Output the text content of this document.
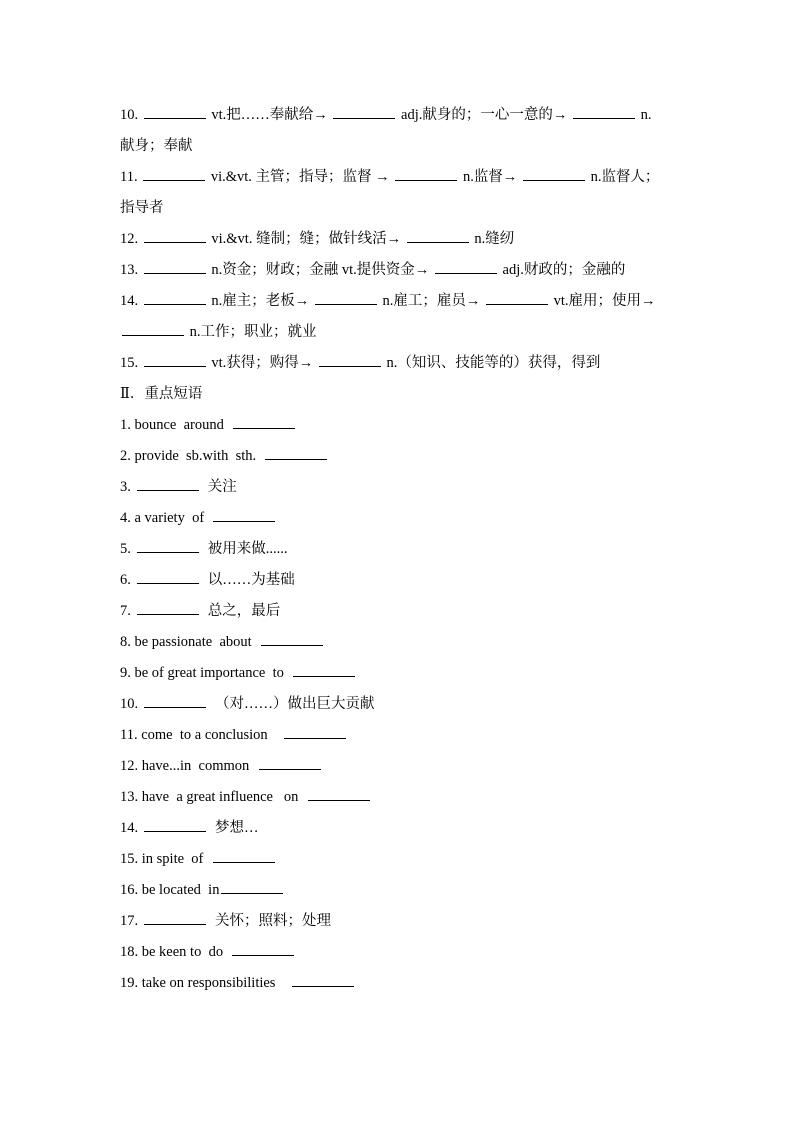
10.	vt.把……奉献给→	adj.献身的；一心一意的→	n.
献身；奉献
11.	vi.&vt. 主管；指导；监督 →	n.监督→	n.监督人；
指导者
12.	vi.&vt. 缝制；缝；做针线活→	n.缝纫
13.	n.资金；财政；金融 vt.提供资金→	adj.财政的；金融的
14.	n.雇主；老板→	n.雇工；雇员→	vt.雇用；使用→
n.工作；职业；就业
15.	vt.获得；购得→	n.（知识、技能等的）获得，得到
Ⅱ．重点短语
1. bounce  around
2. provide  sb.with  sth.
3.	关注
4. a variety  of
5.	被用来做......
6.	以……为基础
7.	总之，最后
8. be passionate  about
9. be of great importance  to
10.	（对……）做出巨大贡献
11. come  to a conclusion
12. have...in  common
13. have  a great influence   on
14.	梦想…
15. in spite  of
16. be located  in
17.	关怀；照料；处理
18. be keen to  do
19. take on responsibilities
